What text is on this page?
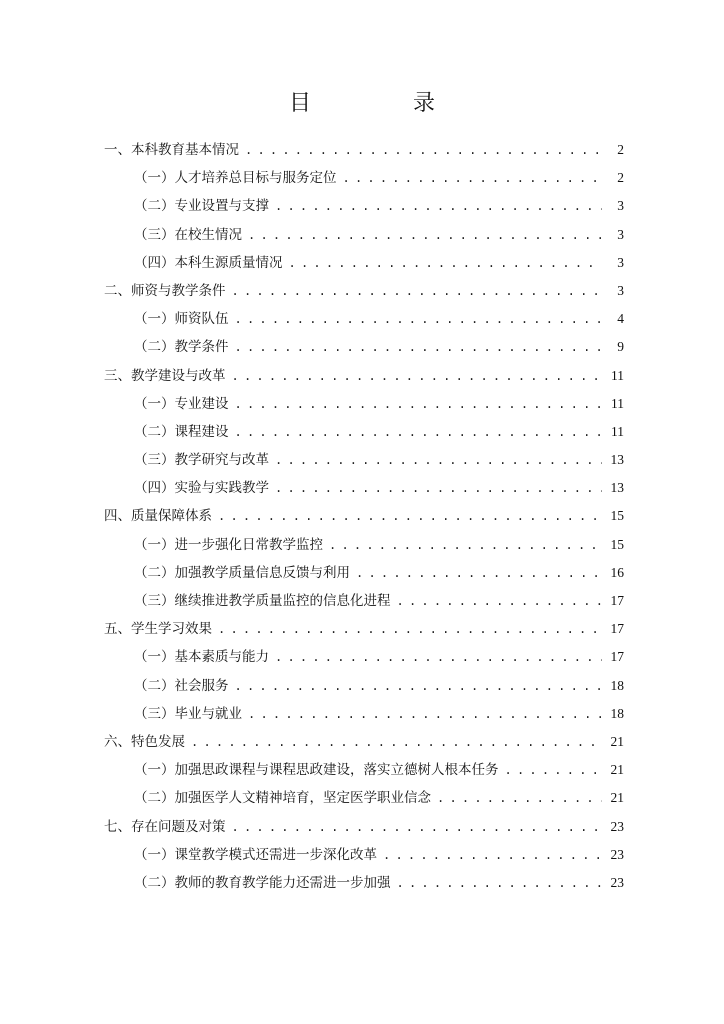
目　录
一、本科教育基本情况 . . .	2
（一）人才培养总目标与服务定位 . . .	2
（二）专业设置与支撑 . . .	3
（三）在校生情况 . . .	3
（四）本科生源质量情况 . . .	3
二、师资与教学条件 . . .	3
（一）师资队伍 . . .	4
（二）教学条件 . . .	9
三、教学建设与改革 . . .	11
（一）专业建设 . . .	11
（二）课程建设 . . .	11
（三）教学研究与改革 . . .	13
（四）实验与实践教学 . . .	13
四、质量保障体系 . . .	15
（一）进一步强化日常教学监控 . . .	15
（二）加强教学质量信息反馈与利用 . . .	16
（三）继续推进教学质量监控的信息化进程 . . .	17
五、学生学习效果 . . .	17
（一）基本素质与能力 . . .	17
（二）社会服务 . . .	18
（三）毕业与就业 . . .	18
六、特色发展 . . .	21
（一）加强思政课程与课程思政建设，落实立德树人根本任务 . . .	21
（二）加强医学人文精神培育，坚定医学职业信念 . . .	21
七、存在问题及对策 . . .	23
（一）课堂教学模式还需进一步深化改革 . . .	23
（二）教师的教育教学能力还需进一步加强 . . .	23
